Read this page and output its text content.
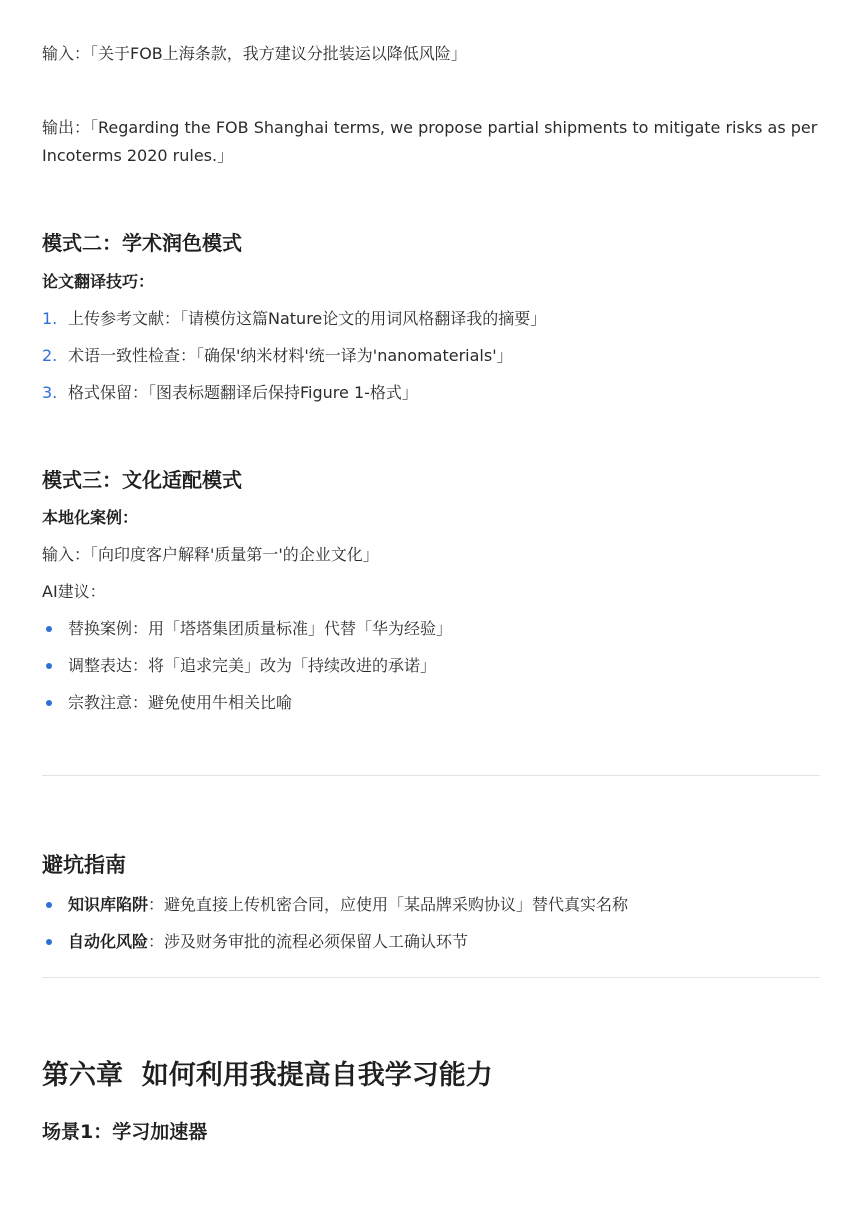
输入：「关于FOB上海条款，我方建议分批装运以降低风险」
输出：「Regarding the FOB Shanghai terms, we propose partial shipments to mitigate risks as per Incoterms 2020 rules.」
模式二：学术润色模式
论文翻译技巧：
1. 上传参考文献：「请模仿这篇Nature论文的用词风格翻译我的摘要」
2. 术语一致性检查：「确保'纳米材料'统一译为'nanomaterials'」
3. 格式保留：「图表标题翻译后保持Figure 1-格式」
模式三：文化适配模式
本地化案例：
输入：「向印度客户解释'质量第一'的企业文化」
AI建议：
替换案例：用「塔塔集团质量标准」代替「华为经验」
调整表达：将「追求完美」改为「持续改进的承诺」
宗教注意：避免使用牛相关比喻
避坑指南
知识库陷阱：避免直接上传机密合同，应使用「某品牌采购协议」替代真实名称
自动化风险：涉及财务审批的流程必须保留人工确认环节
第六章  如何利用我提高自我学习能力
场景1：学习加速器
